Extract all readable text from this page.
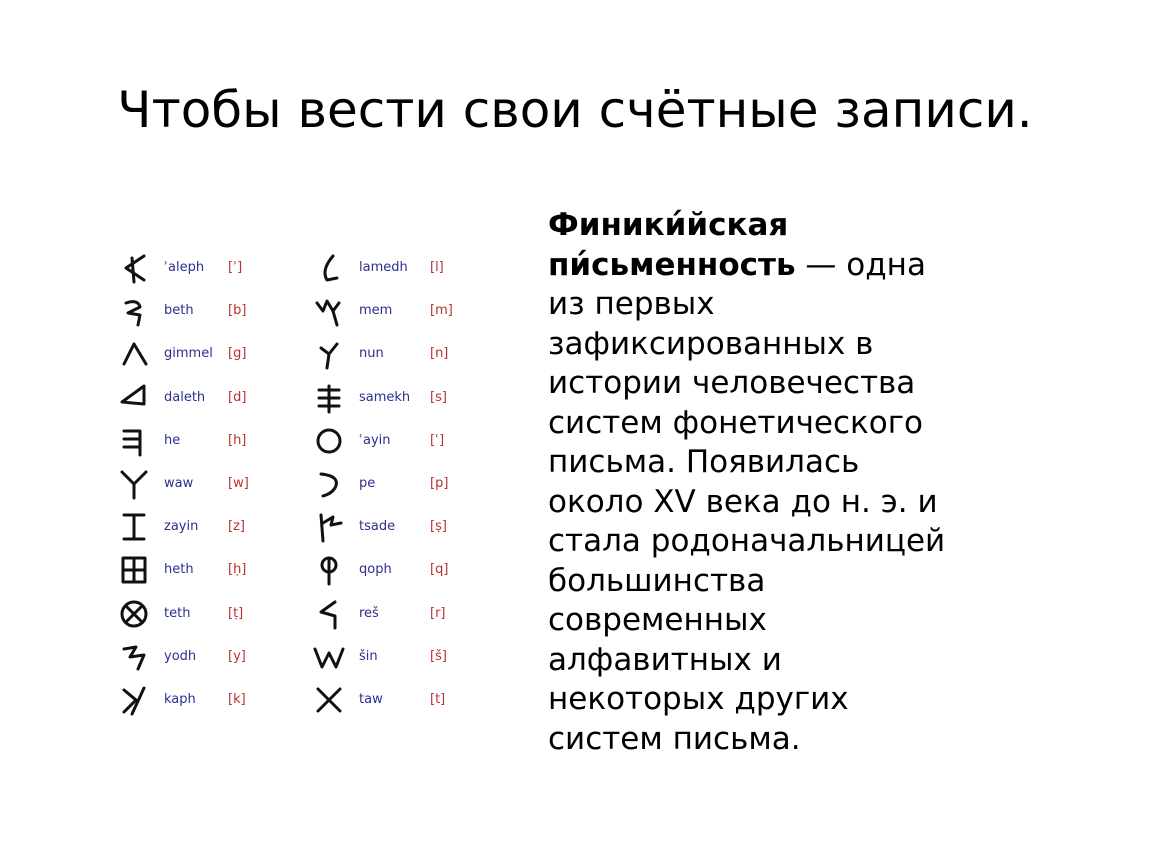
Чтобы вести свои счётные записи.
ʾaleph [ʾ]
beth	[b]
gimmel [g]
daleth [d]
he	[h]
waw	[w]
zayin [z]
heth	[ḥ]
teth	[ṭ]
yodh [y]
kaph [k]
lamedh [l]
mem	[m]
nun	[n]
samekh [s]
ʿayin	[ʿ]
pe	[p]
tsade	[ṣ]
qoph	[q]
reš	[r]
šin	[š]
taw	[t]
Финики́йская пи́сьменность — одна
из первых
зафиксированных в
истории человечества
систем фонетического
письма. Появилась
около XV века до н. э. и
стала родоначальницей
большинства
современных
алфавитных и
некоторых других
систем письма.
